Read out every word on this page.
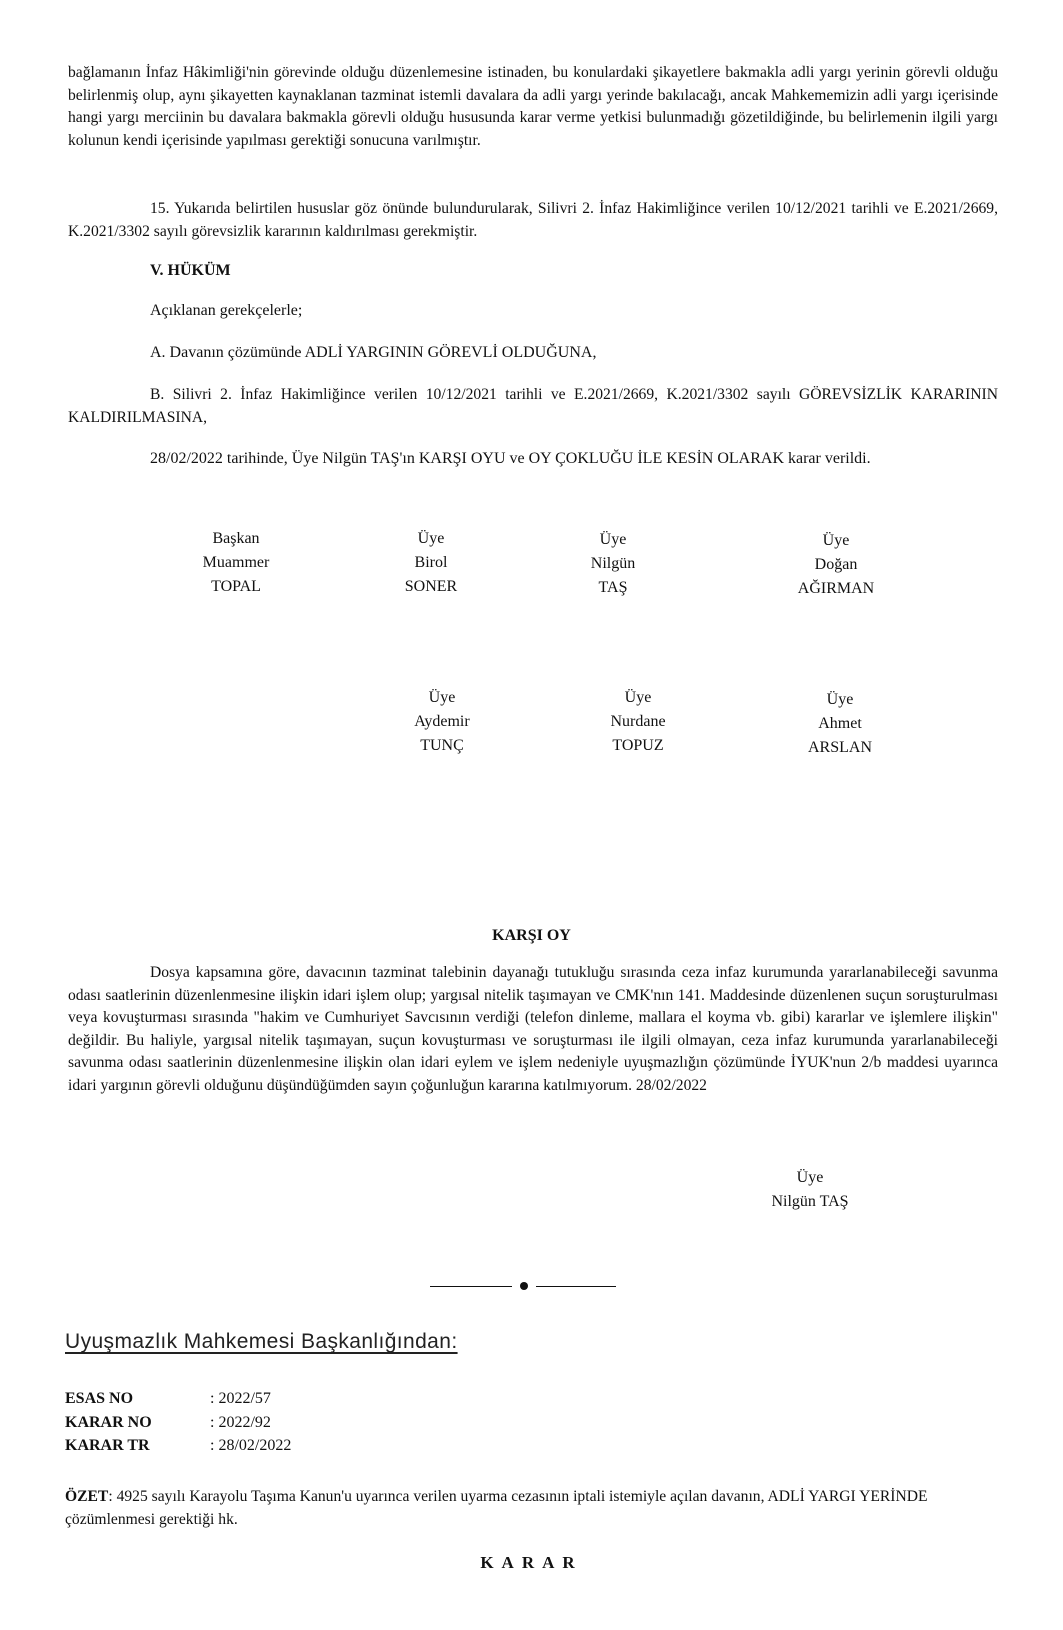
bağlamanın İnfaz Hâkimliği'nin görevinde olduğu düzenlemesine istinaden, bu konulardaki şikayetlere bakmakla adli yargı yerinin görevli olduğu belirlenmiş olup, aynı şikayetten kaynaklanan tazminat istemli davalara da adli yargı yerinde bakılacağı, ancak Mahkememizin adli yargı içerisinde hangi yargı merciinin bu davalara bakmakla görevli olduğu hususunda karar verme yetkisi bulunmadığı gözetildiğinde, bu belirlemenin ilgili yargı kolunun kendi içerisinde yapılması gerektiği sonucuna varılmıştır.

15. Yukarıda belirtilen hususlar göz önünde bulundurularak, Silivri 2. İnfaz Hakimliğince verilen 10/12/2021 tarihli ve E.2021/2669, K.2021/3302 sayılı görevsizlik kararının kaldırılması gerekmiştir.

V. HÜKÜM
Açıklanan gerekçelerle;
A. Davanın çözümünde ADLİ YARGININ GÖREVLİ OLDUĞUNA,

B. Silivri 2. İnfaz Hakimliğince verilen 10/12/2021 tarihli ve E.2021/2669, K.2021/3302 sayılı GÖREVSİZLİK KARARININ KALDIRILMASINA,

28/02/2022 tarihinde, Üye Nilgün TAŞ'ın KARŞI OYU ve OY ÇOKLUĞU İLE KESİN OLARAK karar verildi.
Başkan
Muammer
TOPAL
Üye
Birol
SONER
Üye
Nilgün
TAŞ
Üye
Doğan
AĞIRMAN
Üye
Aydemir
TUNÇ
Üye
Nurdane
TOPUZ
Üye
Ahmet
ARSLAN
KARŞI OY

Dosya kapsamına göre, davacının tazminat talebinin dayanağı tutukluğu sırasında ceza infaz kurumunda yararlanabileceği savunma odası saatlerinin düzenlenmesine ilişkin idari işlem olup; yargısal nitelik taşımayan ve CMK'nın 141. Maddesinde düzenlenen suçun soruşturulması veya kovuşturması sırasında "hakim ve Cumhuriyet Savcısının verdiği (telefon dinleme, mallara el koyma vb. gibi) kararlar ve işlemlere ilişkin" değildir. Bu haliyle, yargısal nitelik taşımayan, suçun kovuşturması ve soruşturması ile ilgili olmayan, ceza infaz kurumunda yararlanabileceği savunma odası saatlerinin düzenlenmesine ilişkin olan idari eylem ve işlem nedeniyle uyuşmazlığın çözümünde İYUK'nun 2/b maddesi uyarınca idari yargının görevli olduğunu düşündüğümden sayın çoğunluğun kararına katılmıyorum. 28/02/2022

Üye
Nilgün TAŞ
Uyuşmazlık Mahkemesi Başkanlığından:
ESAS NO	: 2022/57
KARAR NO	: 2022/92
KARAR TR	: 28/02/2022

ÖZET: 4925 sayılı Karayolu Taşıma Kanun'u uyarınca verilen uyarma cezasının iptali istemiyle açılan davanın, ADLİ YARGI YERİNDE çözümlenmesi gerektiği hk.

KARAR
